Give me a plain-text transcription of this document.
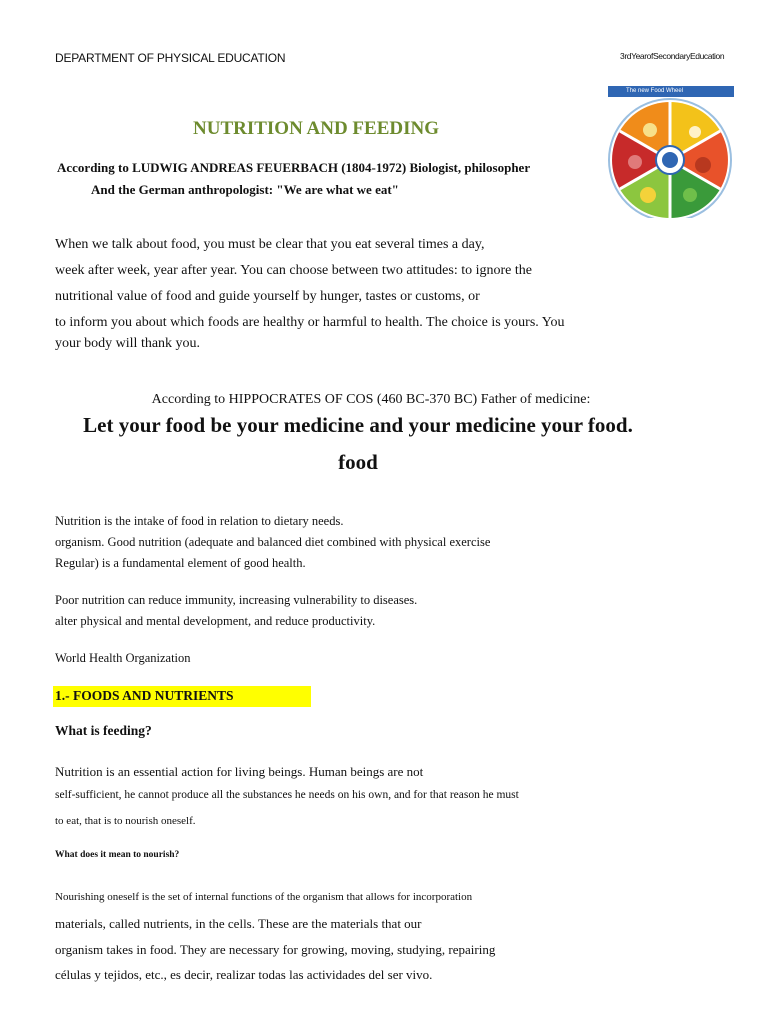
DEPARTMENT OF PHYSICAL EDUCATION	3rdYearofSecondaryEducation
The new Food Wheel
NUTRITION AND FEEDING
According to LUDWIG ANDREAS FEUERBACH (1804-1972) Biologist, philosopher
And the German anthropologist: "We are what we eat"
When we talk about food, you must be clear that you eat several times a day,
week after week, year after year. You can choose between two attitudes: to ignore the
nutritional value of food and guide yourself by hunger, tastes or customs, or
to inform you about which foods are healthy or harmful to health. The choice is yours. You
your body will thank you.
According to HIPPOCRATES OF COS (460 BC-370 BC) Father of medicine:
Let your food be your medicine and your medicine your food.
food
Nutrition is the intake of food in relation to dietary needs.
organism. Good nutrition (adequate and balanced diet combined with physical exercise
Regular) is a fundamental element of good health.
Poor nutrition can reduce immunity, increasing vulnerability to diseases.
alter physical and mental development, and reduce productivity.
World Health Organization
1.- FOODS AND NUTRIENTS
What is feeding?
Nutrition is an essential action for living beings. Human beings are not
self-sufficient, he cannot produce all the substances he needs on his own, and for that reason he must
to eat, that is to nourish oneself.
What does it mean to nourish?
Nourishing oneself is the set of internal functions of the organism that allows for incorporation
materials, called nutrients, in the cells. These are the materials that our
organism takes in food. They are necessary for growing, moving, studying, repairing
células y tejidos, etc., es decir, realizar todas las actividades del ser vivo.
